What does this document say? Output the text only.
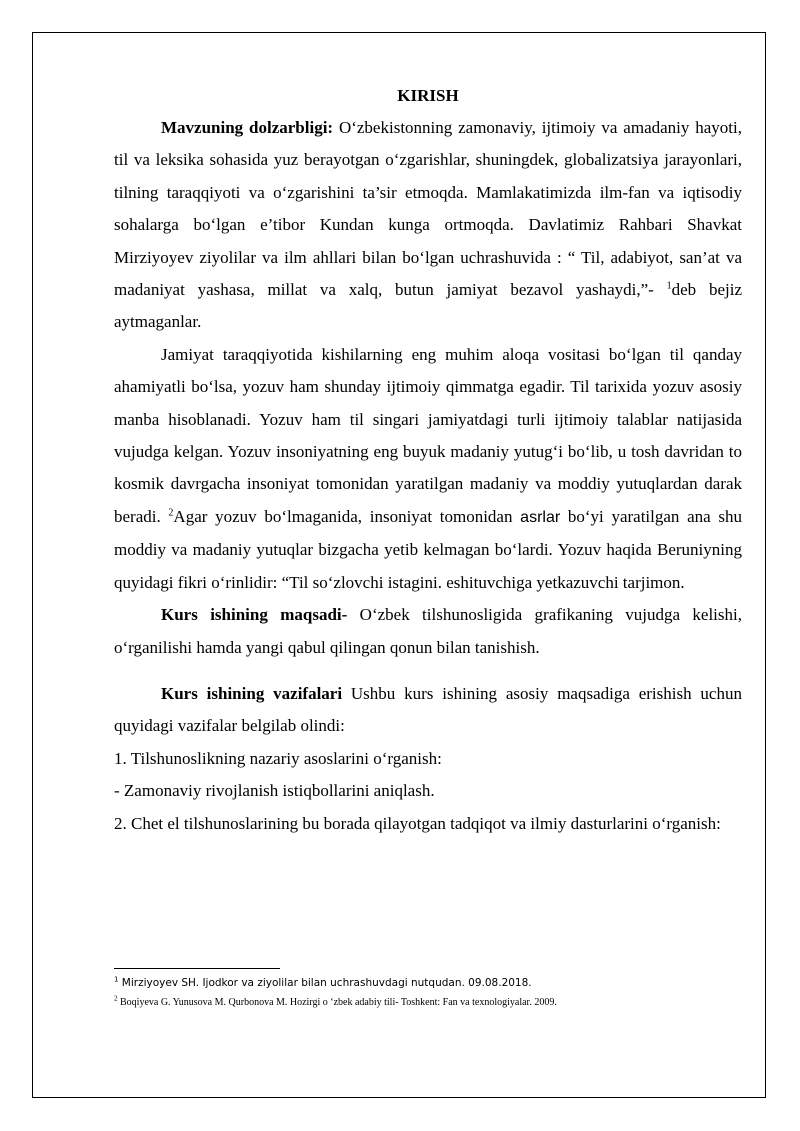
KIRISH

Mavzuning dolzarbligi: O‘zbekistonning zamonaviy, ijtimoiy va amadaniy hayoti, til va leksika sohasida yuz berayotgan o‘zgarishlar, shuningdek, globalizatsiya jarayonlari, tilning taraqqiyoti va o‘zgarishini ta’sir etmoqda. Mamlakatimizda ilm-fan va iqtisodiy sohalarga bo‘lgan e’tibor Kundan kunga ortmoqda. Davlatimiz Rahbari Shavkat Mirziyoyev ziyolilar va ilm ahllari bilan bo‘lgan uchrashuvida : “ Til, adabiyot, san’at va madaniyat yashasa, millat va xalq, butun jamiyat bezavol yashaydi,”- $^1$deb bejiz aytmaganlar.

Jamiyat taraqqiyotida kishilarning eng muhim aloqa vositasi bo‘lgan til qanday ahamiyatli bo‘lsa, yozuv ham shunday ijtimoiy qimmatga egadir. Til tarixida yozuv asosiy manba hisoblanadi. Yozuv ham til singari jamiyatdagi turli ijtimoiy talablar natijasida vujudga kelgan. Yozuv insoniyatning eng buyuk madaniy yutug‘i bo‘lib, u tosh davridan to kosmik davrgacha insoniyat tomonidan yaratilgan madaniy va moddiy yutuqlardan darak beradi. $^2$Agar yozuv bo‘lmaganida, insoniyat tomonidan asrlar bo‘yi yaratilgan ana shu moddiy va madaniy yutuqlar bizgacha yetib kelmagan bo‘lardi. Yozuv haqida Beruniyning quyidagi fikri o‘rinlidir: “Til so‘zlovchi istagini. eshituvchiga yetkazuvchi tarjimon.

Kurs ishining maqsadi- O‘zbek tilshunosligida grafikaning vujudga kelishi, o‘rganilishi hamda yangi qabul qilingan qonun bilan tanishish.

Kurs ishining vazifalari Ushbu kurs ishining asosiy maqsadiga erishish uchun quyidagi vazifalar belgilab olindi:

1. Tilshunoslikning nazariy asoslarini o‘rganish:

- Zamonaviy rivojlanish istiqbollarini aniqlash.

2. Chet el tilshunoslarining bu borada qilayotgan tadqiqot va ilmiy dasturlarini o‘rganish:

$^1$ Mirziyoyev SH. Ijodkor va ziyolilar bilan uchrashuvdagi nutqudan. 09.08.2018.
$^2$ Boqiyeva G. Yunusova M. Qurbonova M. Hozirgi o ‘zbek adabiy tili- Toshkent: Fan va texnologiyalar. 2009.
